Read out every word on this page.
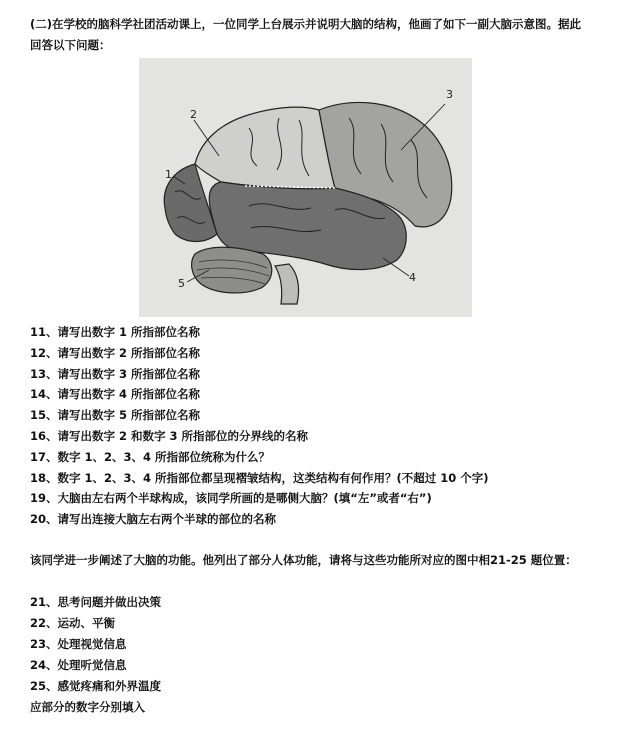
(二)在学校的脑科学社团活动课上，一位同学上台展示并说明大脑的结构，他画了如下一副大脑示意图。据此回答以下问题：
1
2
3
4
5
11、请写出数字 1 所指部位名称
12、请写出数字 2 所指部位名称
13、请写出数字 3 所指部位名称
14、请写出数字 4 所指部位名称
15、请写出数字 5 所指部位名称
16、请写出数字 2 和数字 3 所指部位的分界线的名称
17、数字 1、2、3、4 所指部位统称为什么？
18、数字 1、2、3、4 所指部位都呈现褶皱结构，这类结构有何作用？(不超过 10 个字)
19、大脑由左右两个半球构成，该同学所画的是哪侧大脑？(填“左”或者“右”)
20、请写出连接大脑左右两个半球的部位的名称
该同学进一步阐述了大脑的功能。他列出了部分人体功能，请将与这些功能所对应的图中相21-25 题位置：
21、思考问题并做出决策
22、运动、平衡
23、处理视觉信息
24、处理听觉信息
25、感觉疼痛和外界温度
应部分的数字分别填入
